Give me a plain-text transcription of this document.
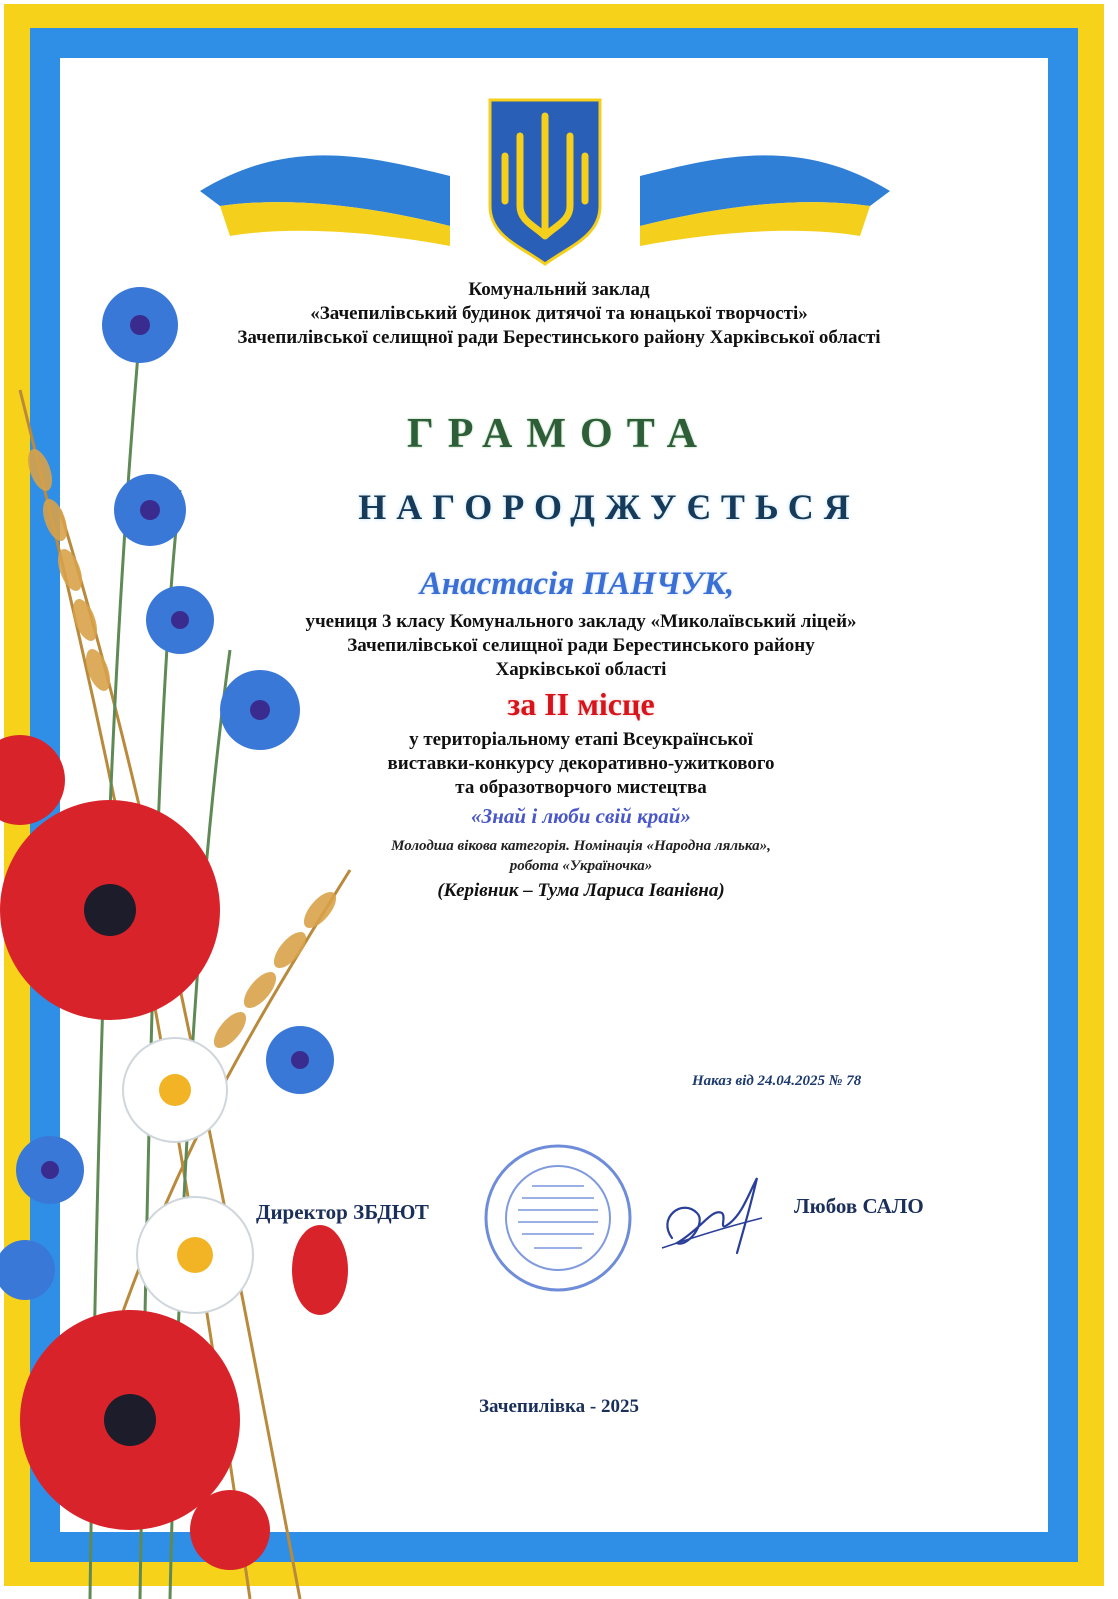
Комунальний заклад
«Зачепилівський будинок дитячої та юнацької творчості»
Зачепилівської селищної ради Берестинського району Харківської області
ГРАМОТА
НАГОРОДЖУЄТЬСЯ
Анастасія ПАНЧУК,
учениця 3 класу Комунального закладу «Миколаївський ліцей»
Зачепилівської селищної ради Берестинського району
Харківської області
за ІІ місце
у територіальному етапі Всеукраїнської
виставки-конкурсу декоративно-ужиткового
та образотворчого мистецтва
«Знай і люби свій край»
Молодша вікова категорія. Номінація «Народна лялька»,
робота «Україночка»
(Керівник – Тума Лариса Іванівна)
Наказ від 24.04.2025 № 78
Директор ЗБДЮТ	Любов САЛО
Зачепилівка - 2025
